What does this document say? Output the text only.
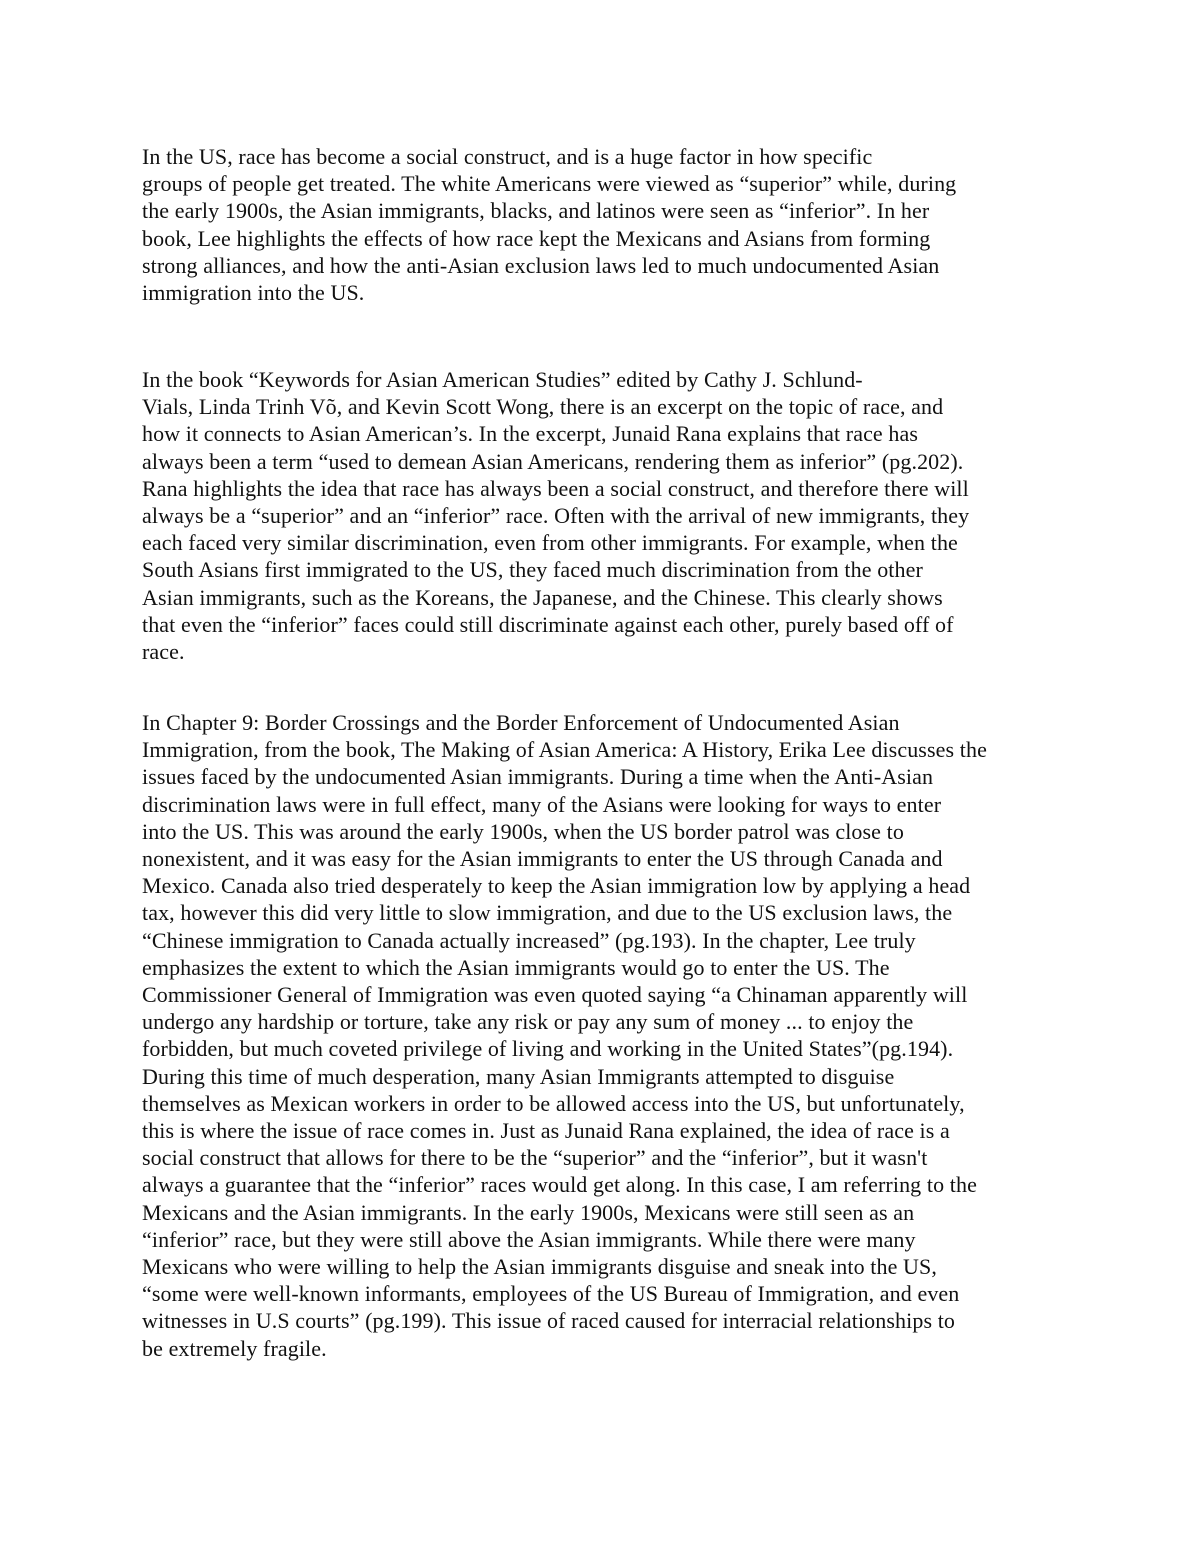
In the US, race has become a social construct, and is a huge factor in how specific
groups of people get treated. The white Americans were viewed as “superior” while, during
the early 1900s, the Asian immigrants, blacks, and latinos were seen as “inferior”. In her
book, Lee highlights the effects of how race kept the Mexicans and Asians from forming
strong alliances, and how the anti-Asian exclusion laws led to much undocumented Asian
immigration into the US.

In the book “Keywords for Asian American Studies” edited by Cathy J. Schlund-
Vials, Linda Trinh Võ, and Kevin Scott Wong, there is an excerpt on the topic of race, and
how it connects to Asian American’s. In the excerpt, Junaid Rana explains that race has
always been a term “used to demean Asian Americans, rendering them as inferior” (pg.202).
Rana highlights the idea that race has always been a social construct, and therefore there will
always be a “superior” and an “inferior” race. Often with the arrival of new immigrants, they
each faced very similar discrimination, even from other immigrants. For example, when the
South Asians first immigrated to the US, they faced much discrimination from the other
Asian immigrants, such as the Koreans, the Japanese, and the Chinese. This clearly shows
that even the “inferior” faces could still discriminate against each other, purely based off of
race.

In Chapter 9: Border Crossings and the Border Enforcement of Undocumented Asian
Immigration, from the book, The Making of Asian America: A History, Erika Lee discusses the
issues faced by the undocumented Asian immigrants. During a time when the Anti-Asian
discrimination laws were in full effect, many of the Asians were looking for ways to enter
into the US. This was around the early 1900s, when the US border patrol was close to
nonexistent, and it was easy for the Asian immigrants to enter the US through Canada and
Mexico. Canada also tried desperately to keep the Asian immigration low by applying a head
tax, however this did very little to slow immigration, and due to the US exclusion laws, the
“Chinese immigration to Canada actually increased” (pg.193). In the chapter, Lee truly
emphasizes the extent to which the Asian immigrants would go to enter the US. The
Commissioner General of Immigration was even quoted saying “a Chinaman apparently will
undergo any hardship or torture, take any risk or pay any sum of money ... to enjoy the
forbidden, but much coveted privilege of living and working in the United States”(pg.194).
During this time of much desperation, many Asian Immigrants attempted to disguise
themselves as Mexican workers in order to be allowed access into the US, but unfortunately,
this is where the issue of race comes in. Just as Junaid Rana explained, the idea of race is a
social construct that allows for there to be the “superior” and the “inferior”, but it wasn't
always a guarantee that the “inferior” races would get along. In this case, I am referring to the
Mexicans and the Asian immigrants. In the early 1900s, Mexicans were still seen as an
“inferior” race, but they were still above the Asian immigrants. While there were many
Mexicans who were willing to help the Asian immigrants disguise and sneak into the US,
“some were well-known informants, employees of the US Bureau of Immigration, and even
witnesses in U.S courts” (pg.199). This issue of raced caused for interracial relationships to
be extremely fragile.
